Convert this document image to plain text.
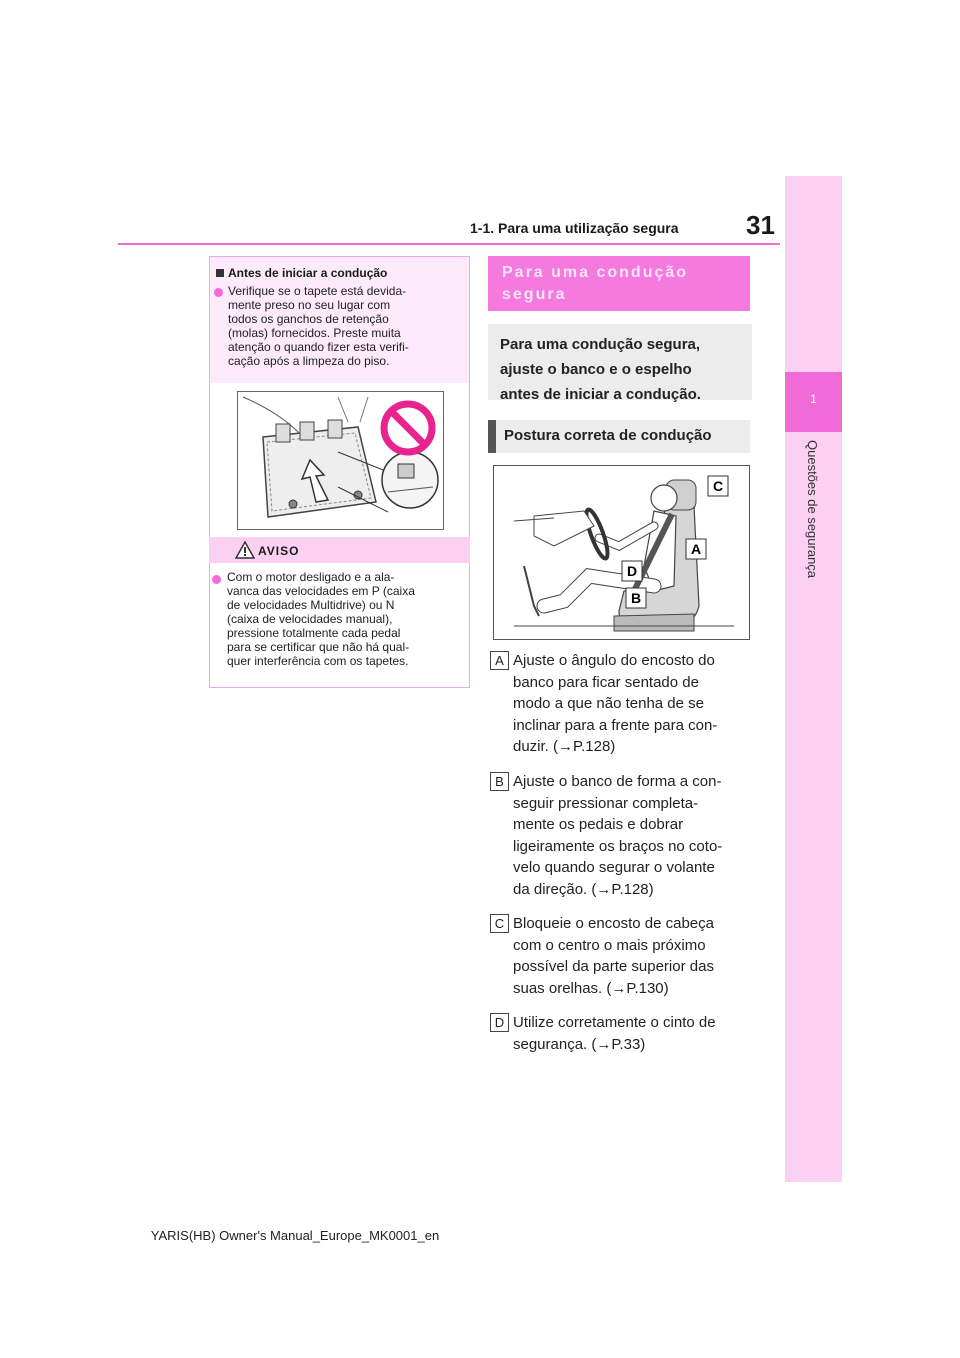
1-1. Para uma utilização segura	31
1
Questões de segurança
Antes de iniciar a condução
Verifique se o tapete está devida-
mente preso no seu lugar com
todos os ganchos de retenção
(molas) fornecidos. Preste muita
atenção o quando fizer esta verifi-
cação após a limpeza do piso.
AVISO
Com o motor desligado e a ala-
vanca das velocidades em P (caixa
de velocidades Multidrive) ou N
(caixa de velocidades manual),
pressione totalmente cada pedal
para se certificar que não há qual-
quer interferência com os tapetes.
Para uma condução segura
Para uma condução segura,
ajuste o banco e o espelho
antes de iniciar a condução.
Postura correta de condução
C
A
D
B
A Ajuste o ângulo do encosto do
banco para ficar sentado de
modo a que não tenha de se
inclinar para a frente para con-
duzir. (→P.128)
B Ajuste o banco de forma a con-
seguir pressionar completa-
mente os pedais e dobrar
ligeiramente os braços no coto-
velo quando segurar o volante
da direção. (→P.128)
C Bloqueie o encosto de cabeça
com o centro o mais próximo
possível da parte superior das
suas orelhas. (→P.130)
D Utilize corretamente o cinto de
segurança. (→P.33)
YARIS(HB) Owner's Manual_Europe_MK0001_en
